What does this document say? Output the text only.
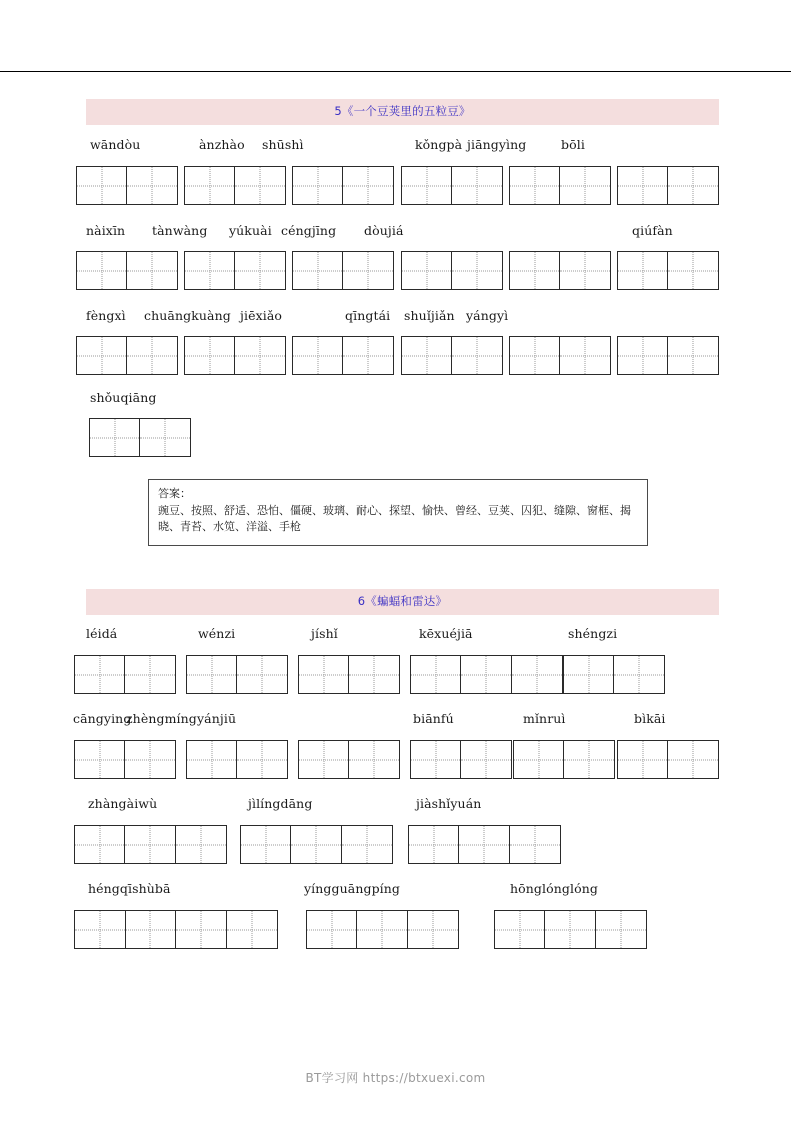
5《一个豆荚里的五粒豆》
wāndòu	ànzhào shūshì	kǒngpà jiāngyìng	bōli
nàixīn tànwàng yúkuài céngjīng dòujiá	qiúfàn
fèngxì chuāngkuàng jiēxiǎo	qīngtái shuǐjiǎn yángyì
shǒuqiāng

答案：

豌豆、按照、舒适、恐怕、僵硬、玻璃、耐心、探望、愉快、曾经、豆荚、囚犯、缝隙、窗框、揭晓、青苔、水笕、洋溢、手枪

6《蝙蝠和雷达》
léidá	wénzi	jíshǐ	kēxuéjiā	shéngzi
cāngying
zhèngmíng yánjiū	biānfú	mǐnruì	bìkāi
zhàngàiwù	jìlíngdāng	jiàshǐyuán
héngqīshùbā	yíngguāngpíng	hōnglónglóng
BT学习网 https://btxuexi.com
